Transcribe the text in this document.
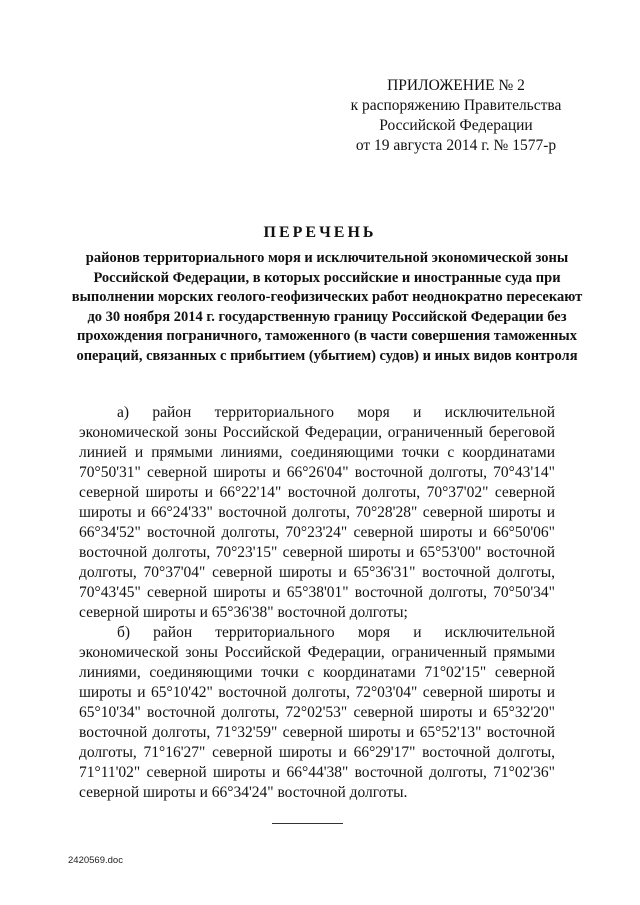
ПРИЛОЖЕНИЕ № 2
к распоряжению Правительства
Российской Федерации
от 19 августа 2014 г. № 1577-р
ПЕРЕЧЕНЬ
районов территориального моря и исключительной экономической зоны Российской Федерации, в которых российские и иностранные суда при выполнении морских геолого-геофизических работ неоднократно пересекают до 30 ноября 2014 г. государственную границу Российской Федерации без прохождения пограничного, таможенного (в части совершения таможенных операций, связанных с прибытием (убытием) судов) и иных видов контроля

а) район территориального моря и исключительной экономической зоны Российской Федерации, ограниченный береговой линией и прямыми линиями, соединяющими точки с координатами 70°50'31" северной широты и 66°26'04" восточной долготы, 70°43'14" северной широты и 66°22'14" восточной долготы, 70°37'02" северной широты и 66°24'33" восточной долготы, 70°28'28" северной широты и 66°34'52" восточной долготы, 70°23'24" северной широты и 66°50'06" восточной долготы, 70°23'15" северной широты и 65°53'00" восточной долготы, 70°37'04" северной широты и 65°36'31" восточной долготы, 70°43'45" северной широты и 65°38'01" восточной долготы, 70°50'34" северной широты и 65°36'38" восточной долготы;

б) район территориального моря и исключительной экономической зоны Российской Федерации, ограниченный прямыми линиями, соединяющими точки с координатами 71°02'15" северной широты и 65°10'42" восточной долготы, 72°03'04" северной широты и 65°10'34" восточной долготы, 72°02'53" северной широты и 65°32'20" восточной долготы, 71°32'59" северной широты и 65°52'13" восточной долготы, 71°16'27" северной широты и 66°29'17" восточной долготы, 71°11'02" северной широты и 66°44'38" восточной долготы, 71°02'36" северной широты и 66°34'24" восточной долготы.

2420569.doc
